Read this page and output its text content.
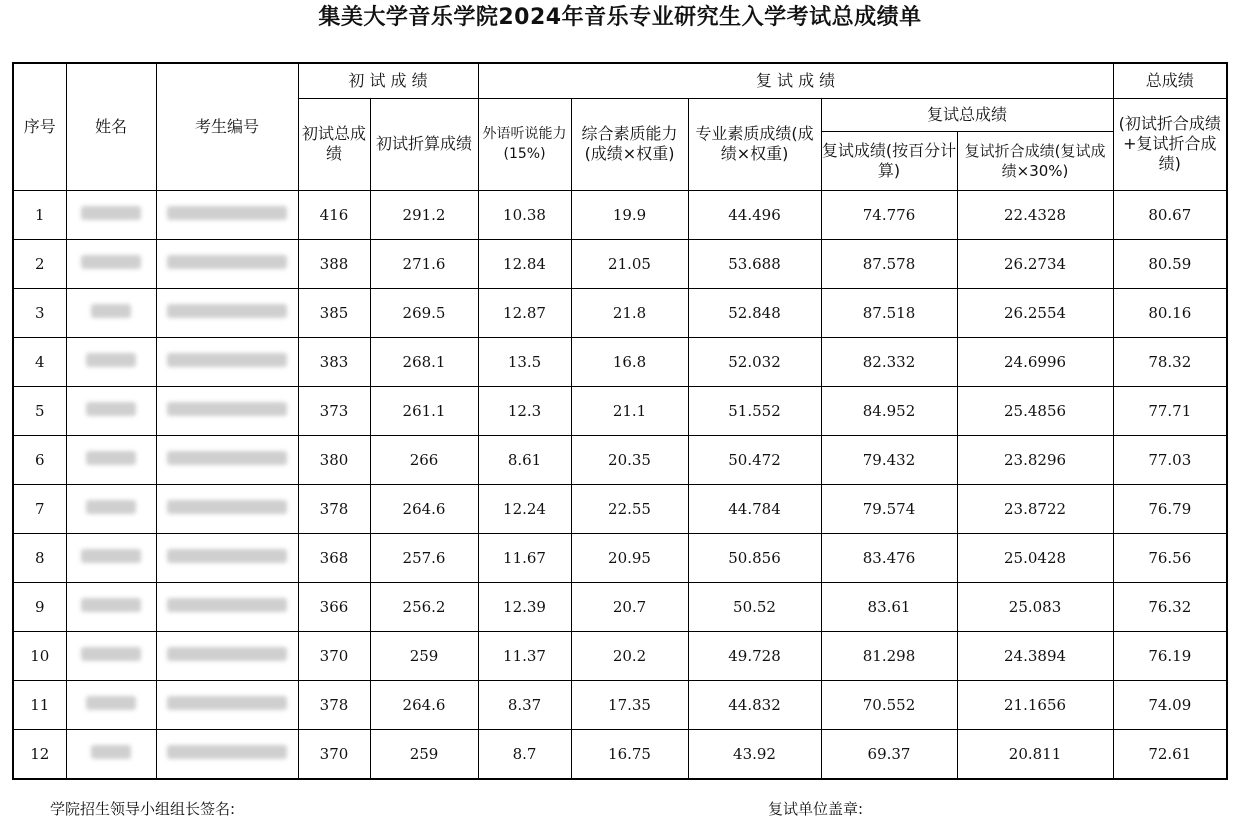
集美大学音乐学院2024年音乐专业研究生入学考试总成绩单
序号	姓名	考生编号	初 试 成 绩		复 试 成 绩					总成绩
			初试总成绩	初试折算成绩	外语听说能力(15%)	综合素质能力(成绩×权重)	专业素质成绩(成绩×权重)	复试总成绩		(初试折合成绩+复试折合成绩)
								复试成绩(按百分计算)	复试折合成绩(复试成绩×30%)	
1			416	291.2	10.38	19.9	44.496	74.776	22.4328	80.67
2			388	271.6	12.84	21.05	53.688	87.578	26.2734	80.59
3			385	269.5	12.87	21.8	52.848	87.518	26.2554	80.16
4			383	268.1	13.5	16.8	52.032	82.332	24.6996	78.32
5			373	261.1	12.3	21.1	51.552	84.952	25.4856	77.71
6			380	266	8.61	20.35	50.472	79.432	23.8296	77.03
7			378	264.6	12.24	22.55	44.784	79.574	23.8722	76.79
8			368	257.6	11.67	20.95	50.856	83.476	25.0428	76.56
9			366	256.2	12.39	20.7	50.52	83.61	25.083	76.32
10			370	259	11.37	20.2	49.728	81.298	24.3894	76.19
11			378	264.6	8.37	17.35	44.832	70.552	21.1656	74.09
12			370	259	8.7	16.75	43.92	69.37	20.811	72.61
学院招生领导小组组长签名:	复试单位盖章:
